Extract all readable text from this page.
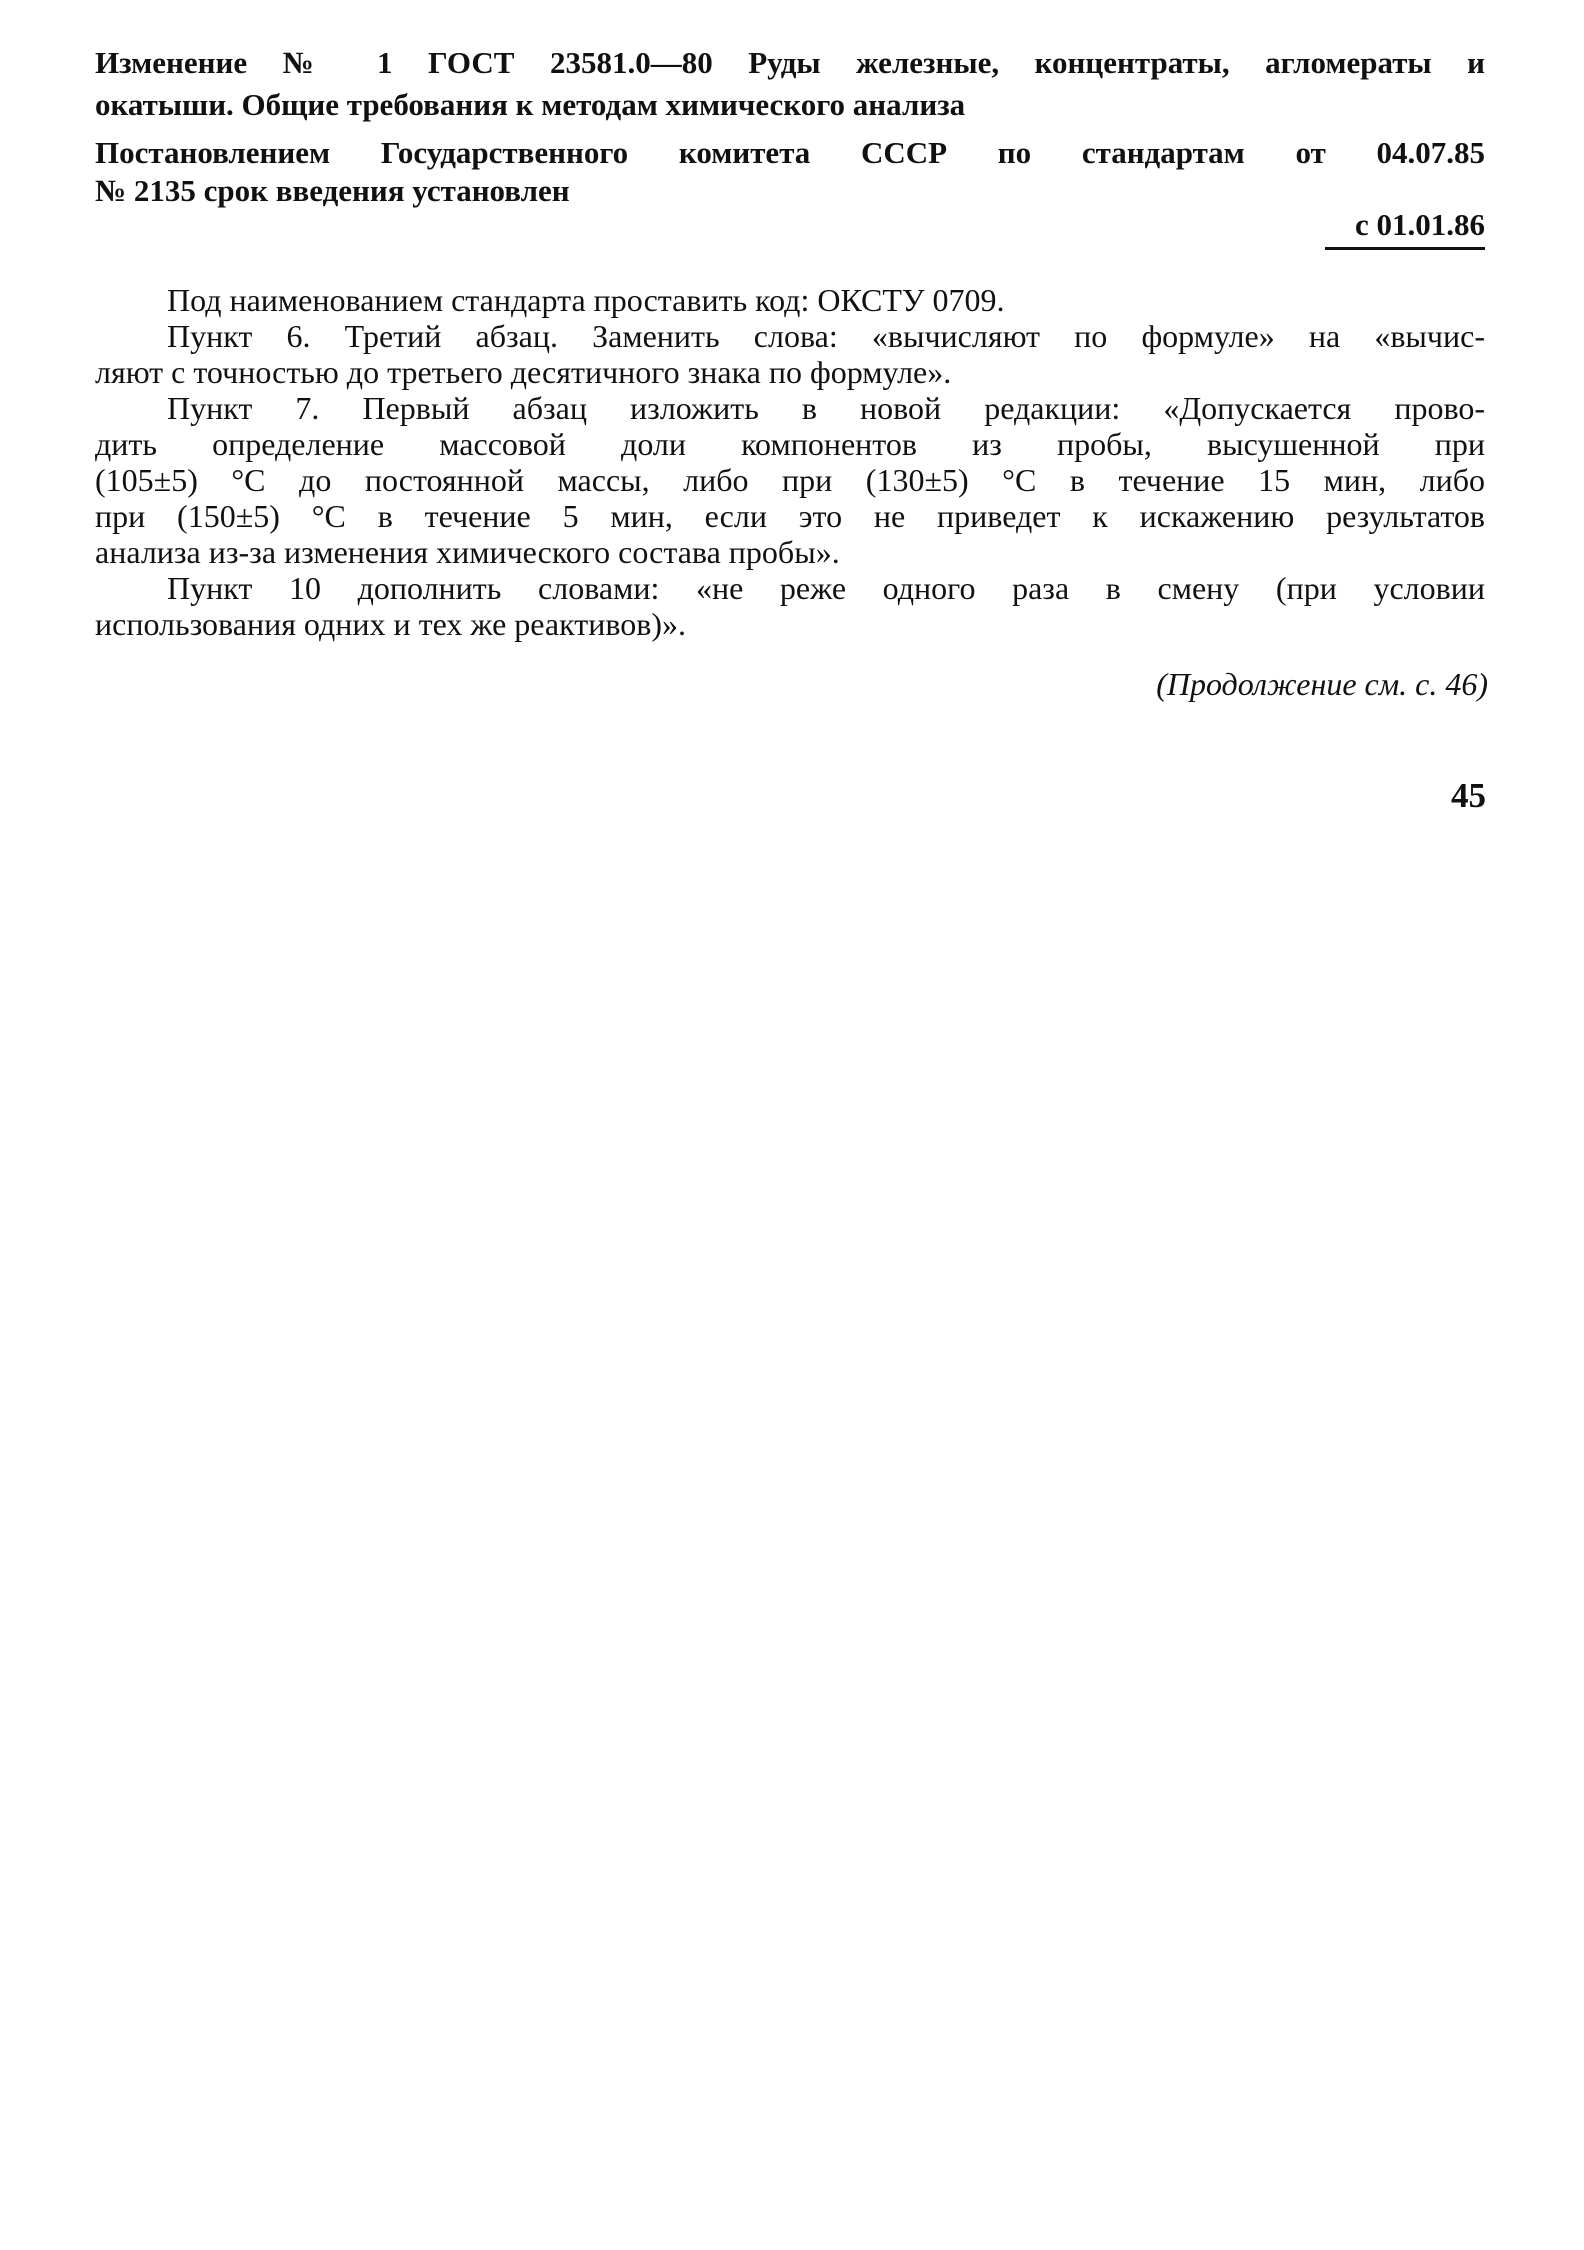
Изменение № 1 ГОСТ 23581.0—80 Руды железные, концентраты, агломераты и
окатыши. Общие требования к методам химического анализа
Постановлением Государственного комитета СССР по стандартам от 04.07.85
№ 2135 срок введения установлен
с 01.01.86
Под наименованием стандарта проставить код: ОКСТУ 0709.
Пункт 6. Третий абзац. Заменить слова: «вычисляют по формуле» на «вычис-
ляют с точностью до третьего десятичного знака по формуле».
Пункт 7. Первый абзац изложить в новой редакции: «Допускается прово-
дить определение массовой доли компонентов из пробы, высушенной при
(105±5) °С до постоянной массы, либо при (130±5) °С в течение 15 мин, либо
при (150±5) °С в течение 5 мин, если это не приведет к искажению результатов
анализа из-за изменения химического состава пробы».
Пункт 10 дополнить словами: «не реже одного раза в смену (при условии
использования одних и тех же реактивов)».
(Продолжение см. с. 46)
45
